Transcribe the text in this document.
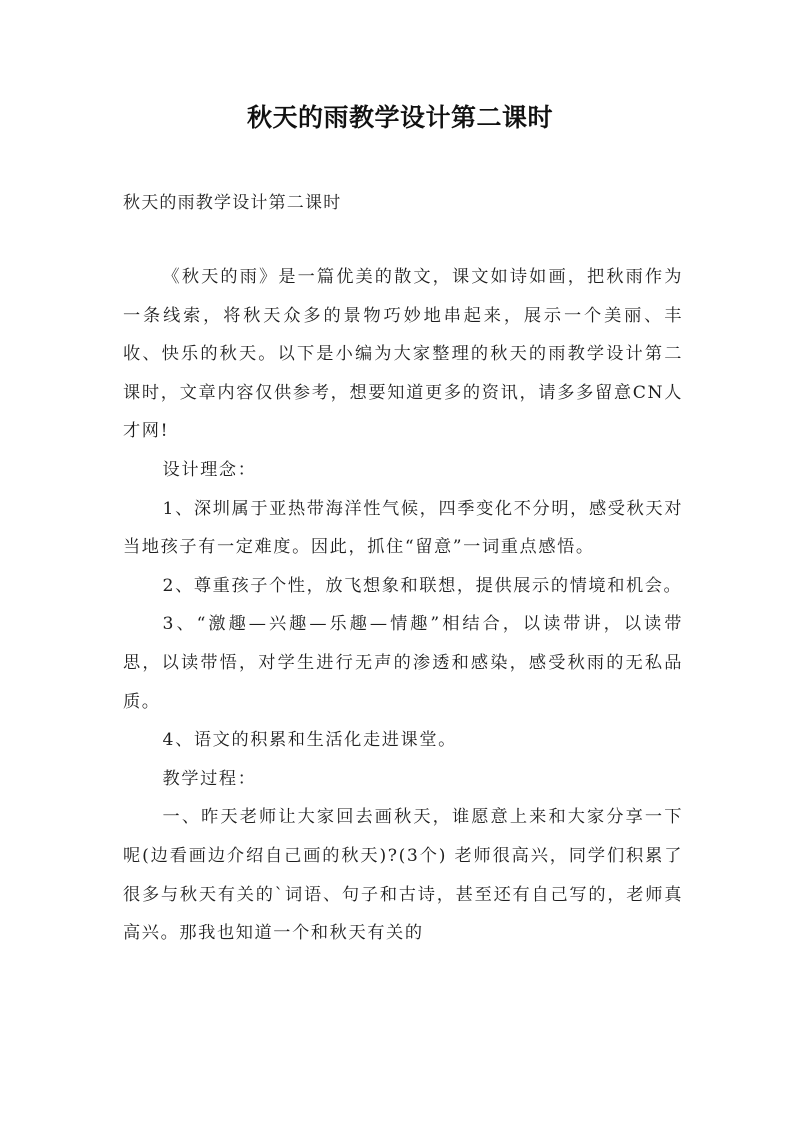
秋天的雨教学设计第二课时
秋天的雨教学设计第二课时

《秋天的雨》是一篇优美的散文，课文如诗如画，把秋雨作为一条线索，将秋天众多的景物巧妙地串起来，展示一个美丽、丰收、快乐的秋天。以下是小编为大家整理的秋天的雨教学设计第二课时，文章内容仅供参考，想要知道更多的资讯，请多多留意CN人才网!

设计理念：

1、深圳属于亚热带海洋性气候，四季变化不分明，感受秋天对当地孩子有一定难度。因此，抓住“留意”一词重点感悟。

2、尊重孩子个性，放飞想象和联想，提供展示的情境和机会。

3、“激趣—兴趣—乐趣—情趣”相结合，以读带讲，以读带思，以读带悟，对学生进行无声的渗透和感染，感受秋雨的无私品质。

4、语文的积累和生活化走进课堂。

教学过程：

一、昨天老师让大家回去画秋天，谁愿意上来和大家分享一下呢(边看画边介绍自己画的秋天)?(3个) 老师很高兴，同学们积累了很多与秋天有关的`词语、句子和古诗，甚至还有自己写的，老师真高兴。那我也知道一个和秋天有关的
